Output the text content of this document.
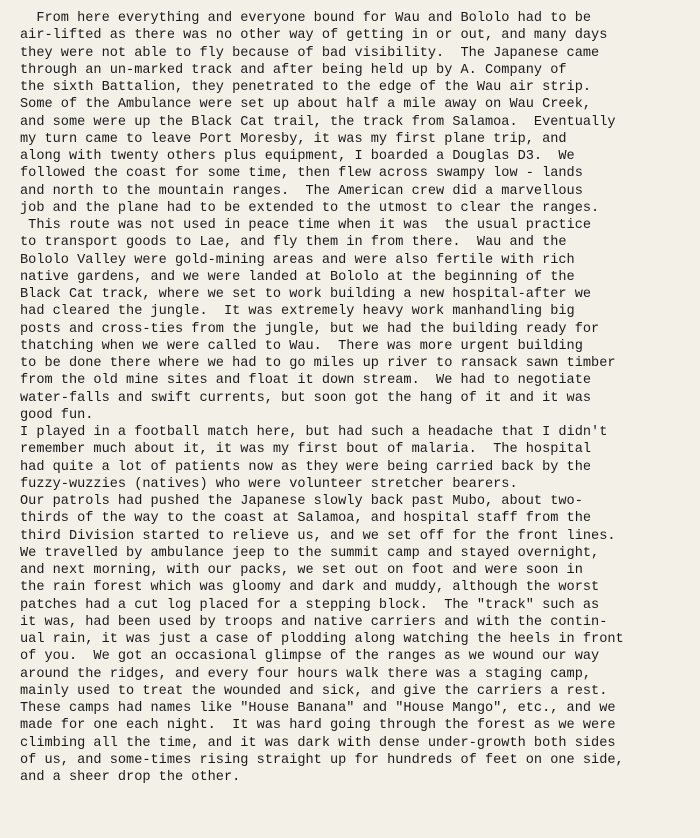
From here everything and everyone bound for Wau and Bololo had to be
air-lifted as there was no other way of getting in or out, and many days
they were not able to fly because of bad visibility.  The Japanese came
through an un-marked track and after being held up by A. Company of
the sixth Battalion, they penetrated to the edge of the Wau air strip.
Some of the Ambulance were set up about half a mile away on Wau Creek,
and some were up the Black Cat trail, the track from Salamoa.  Eventually
my turn came to leave Port Moresby, it was my first plane trip, and
along with twenty others plus equipment, I boarded a Douglas D3.  We
followed the coast for some time, then flew across swampy low - lands
and north to the mountain ranges.  The American crew did a marvellous
job and the plane had to be extended to the utmost to clear the ranges.
This route was not used in peace time when it was  the usual practice
to transport goods to Lae, and fly them in from there.  Wau and the
Bololo Valley were gold-mining areas and were also fertile with rich
native gardens, and we were landed at Bololo at the beginning of the
Black Cat track, where we set to work building a new hospital-after we
had cleared the jungle.  It was extremely heavy work manhandling big
posts and cross-ties from the jungle, but we had the building ready for
thatching when we were called to Wau.  There was more urgent building
to be done there where we had to go miles up river to ransack sawn timber
from the old mine sites and float it down stream.  We had to negotiate
water-falls and swift currents, but soon got the hang of it and it was
good fun.
I played in a football match here, but had such a headache that I didn't
remember much about it, it was my first bout of malaria.  The hospital
had quite a lot of patients now as they were being carried back by the
fuzzy-wuzzies (natives) who were volunteer stretcher bearers.
Our patrols had pushed the Japanese slowly back past Mubo, about two-
thirds of the way to the coast at Salamoa, and hospital staff from the
third Division started to relieve us, and we set off for the front lines.
We travelled by ambulance jeep to the summit camp and stayed overnight,
and next morning, with our packs, we set out on foot and were soon in
the rain forest which was gloomy and dark and muddy, although the worst
patches had a cut log placed for a stepping block.  The "track" such as
it was, had been used by troops and native carriers and with the contin-
ual rain, it was just a case of plodding along watching the heels in front
of you.  We got an occasional glimpse of the ranges as we wound our way
around the ridges, and every four hours walk there was a staging camp,
mainly used to treat the wounded and sick, and give the carriers a rest.
These camps had names like "House Banana" and "House Mango", etc., and we
made for one each night.  It was hard going through the forest as we were
climbing all the time, and it was dark with dense under-growth both sides
of us, and some-times rising straight up for hundreds of feet on one side,
and a sheer drop the other.
